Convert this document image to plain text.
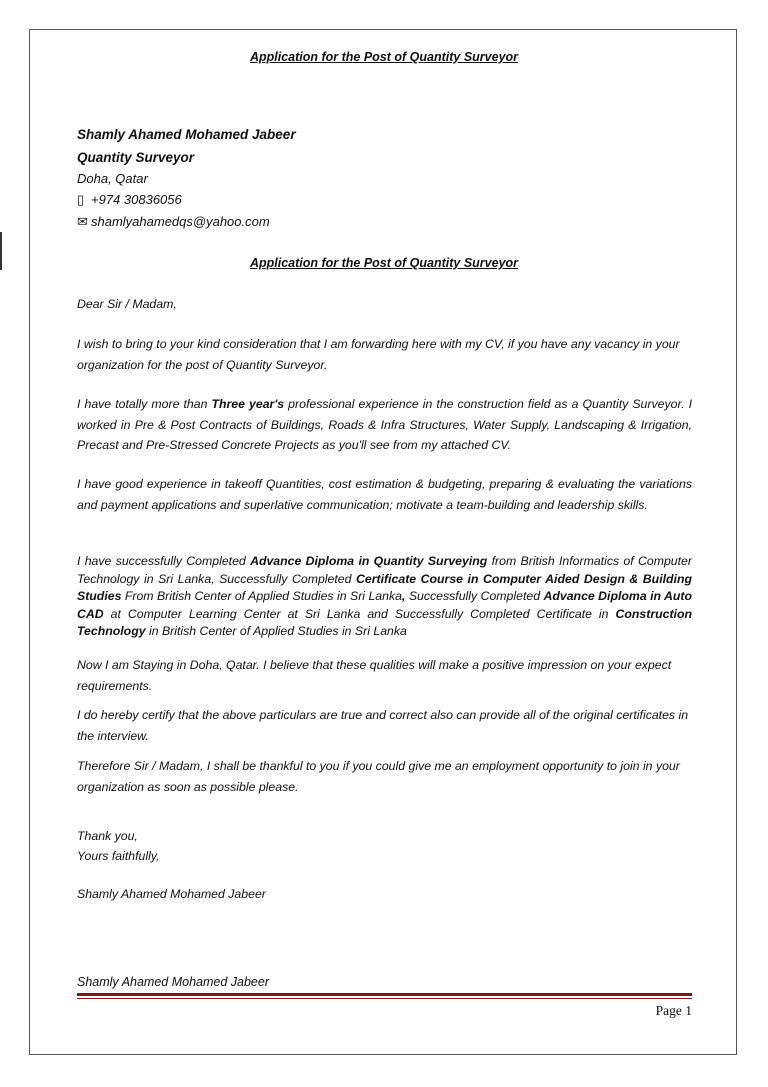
Application for the Post of Quantity Surveyor
Shamly Ahamed Mohamed Jabeer
Quantity Surveyor
Doha, Qatar
▯ +974 30836056
✉ shamlyahamedqs@yahoo.com
Application for the Post of Quantity Surveyor
Dear Sir / Madam,
I wish to bring to your kind consideration that I am forwarding here with my CV, if you have any vacancy in your organization for the post of Quantity Surveyor.
I have totally more than Three year's professional experience in the construction field as a Quantity Surveyor. I worked in Pre & Post Contracts of Buildings, Roads & Infra Structures, Water Supply, Landscaping & Irrigation, Precast and Pre-Stressed Concrete Projects as you'll see from my attached CV.
I have good experience in takeoff Quantities, cost estimation & budgeting, preparing & evaluating the variations and payment applications and superlative communication; motivate a team-building and leadership skills.
I have successfully Completed Advance Diploma in Quantity Surveying from British Informatics of Computer Technology in Sri Lanka, Successfully Completed Certificate Course in Computer Aided Design & Building Studies From British Center of Applied Studies in Sri Lanka, Successfully Completed Advance Diploma in Auto CAD at Computer Learning Center at Sri Lanka and Successfully Completed Certificate in Construction Technology in British Center of Applied Studies in Sri Lanka
Now I am Staying in Doha, Qatar. I believe that these qualities will make a positive impression on your expect requirements.
I do hereby certify that the above particulars are true and correct also can provide all of the original certificates in the interview.
Therefore Sir / Madam, I shall be thankful to you if you could give me an employment opportunity to join in your organization as soon as possible please.
Thank you,
Yours faithfully,
Shamly Ahamed Mohamed Jabeer
Shamly Ahamed Mohamed Jabeer
Page 1
